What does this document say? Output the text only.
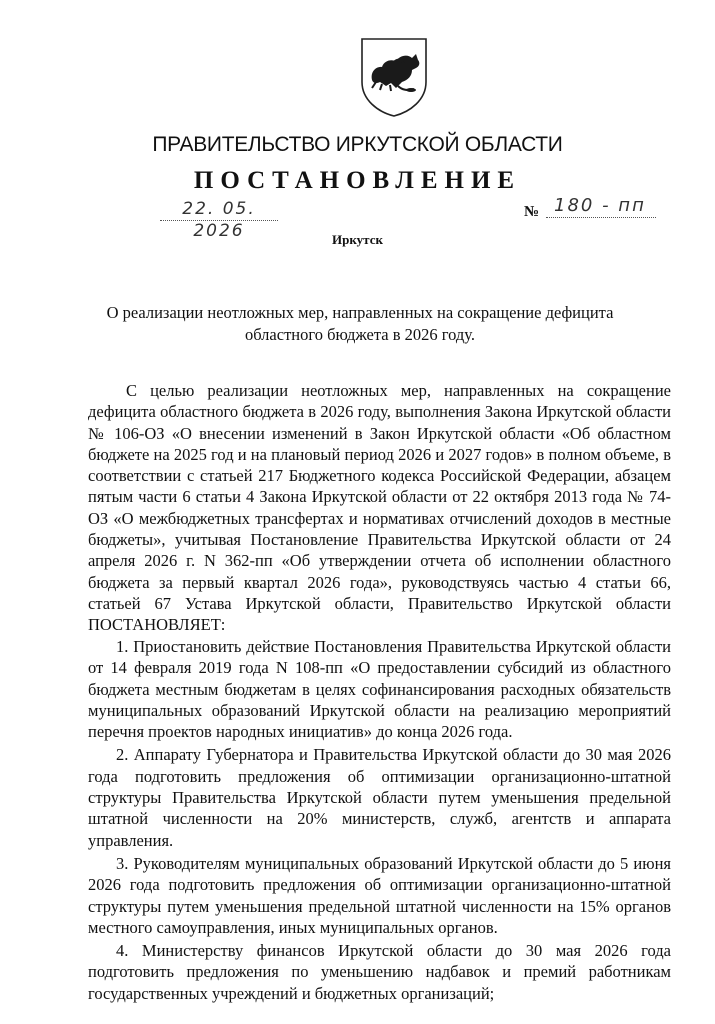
ПРАВИТЕЛЬСТВО ИРКУТСКОЙ ОБЛАСТИ
ПОСТАНОВЛЕНИЕ
22. 05. 2026
№ 180 - пп
Иркутск
О реализации неотложных мер, направленных на сокращение дефицита областного бюджета в 2026 году.

С целью реализации неотложных мер, направленных на сокращение дефицита областного бюджета в 2026 году, выполнения Закона Иркутской области № 106-ОЗ «О внесении изменений в Закон Иркутской области «Об областном бюджете на 2025 год и на плановый период 2026 и 2027 годов» в полном объеме, в соответствии с статьей 217 Бюджетного кодекса Российской Федерации, абзацем пятым части 6 статьи 4 Закона Иркутской области от 22 октября 2013 года № 74-ОЗ «О межбюджетных трансфертах и нормативах отчислений доходов в местные бюджеты», учитывая Постановление Правительства Иркутской области от 24 апреля 2026 г. N 362-пп «Об утверждении отчета об исполнении областного бюджета за первый квартал 2026 года», руководствуясь частью 4 статьи 66, статьей 67 Устава Иркутской области, Правительство Иркутской области ПОСТАНОВЛЯЕТ:

1. Приостановить действие Постановления Правительства Иркутской области от 14 февраля 2019 года N 108-пп «О предоставлении субсидий из областного бюджета местным бюджетам в целях софинансирования расходных обязательств муниципальных образований Иркутской области на реализацию мероприятий перечня проектов народных инициатив» до конца 2026 года.

2. Аппарату Губернатора и Правительства Иркутской области до 30 мая 2026 года подготовить предложения об оптимизации организационно-штатной структуры Правительства Иркутской области путем уменьшения предельной штатной численности на 20% министерств, служб, агентств и аппарата управления.

3. Руководителям муниципальных образований Иркутской области до 5 июня 2026 года подготовить предложения об оптимизации организационно-штатной структуры путем уменьшения предельной штатной численности на 15% органов местного самоуправления, иных муниципальных органов.

4. Министерству финансов Иркутской области до 30 мая 2026 года подготовить предложения по уменьшению надбавок и премий работникам государственных учреждений и бюджетных организаций;
